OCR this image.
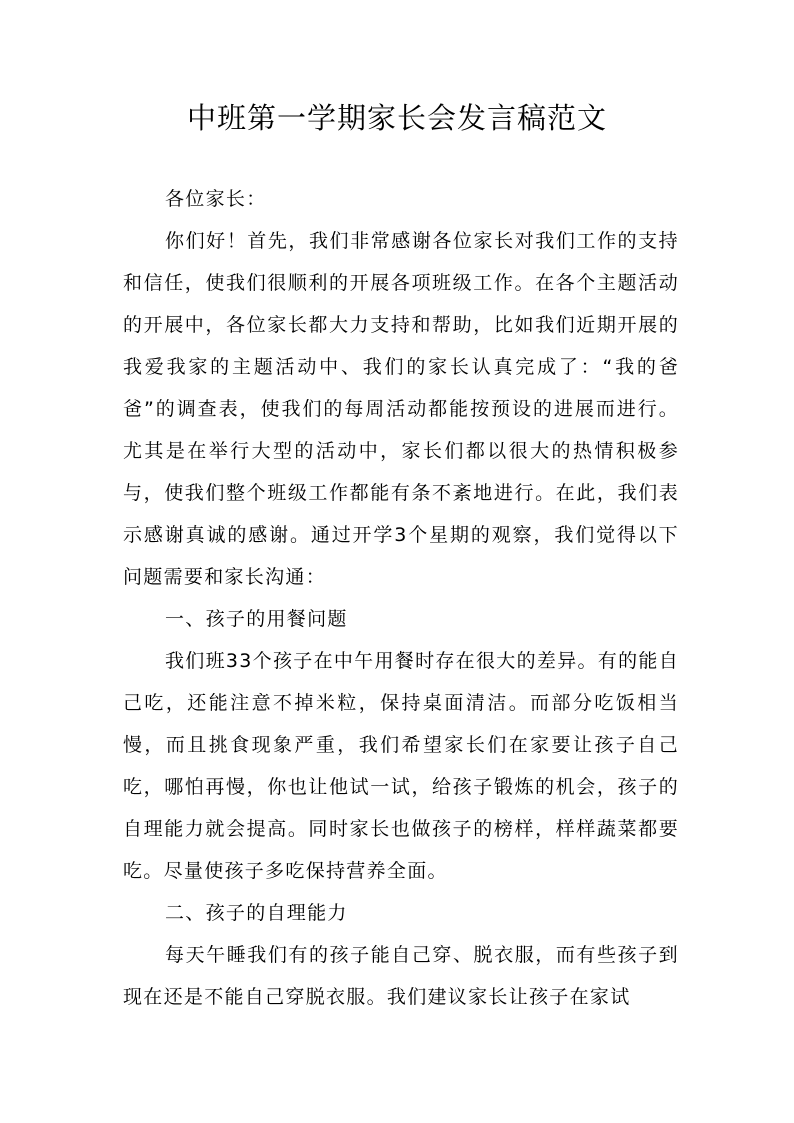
中班第一学期家长会发言稿范文

各位家长：

你们好！首先，我们非常感谢各位家长对我们工作的支持和信任，使我们很顺利的开展各项班级工作。在各个主题活动的开展中，各位家长都大力支持和帮助，比如我们近期开展的我爱我家的主题活动中、我们的家长认真完成了：“我的爸爸”的调查表，使我们的每周活动都能按预设的进展而进行。尤其是在举行大型的活动中，家长们都以很大的热情积极参与，使我们整个班级工作都能有条不紊地进行。在此，我们表示感谢真诚的感谢。通过开学3个星期的观察，我们觉得以下问题需要和家长沟通：

一、孩子的用餐问题

我们班33个孩子在中午用餐时存在很大的差异。有的能自己吃，还能注意不掉米粒，保持桌面清洁。而部分吃饭相当慢，而且挑食现象严重，我们希望家长们在家要让孩子自己吃，哪怕再慢，你也让他试一试，给孩子锻炼的机会，孩子的自理能力就会提高。同时家长也做孩子的榜样，样样蔬菜都要吃。尽量使孩子多吃保持营养全面。

二、孩子的自理能力

每天午睡我们有的孩子能自己穿、脱衣服，而有些孩子到现在还是不能自己穿脱衣服。我们建议家长让孩子在家试
